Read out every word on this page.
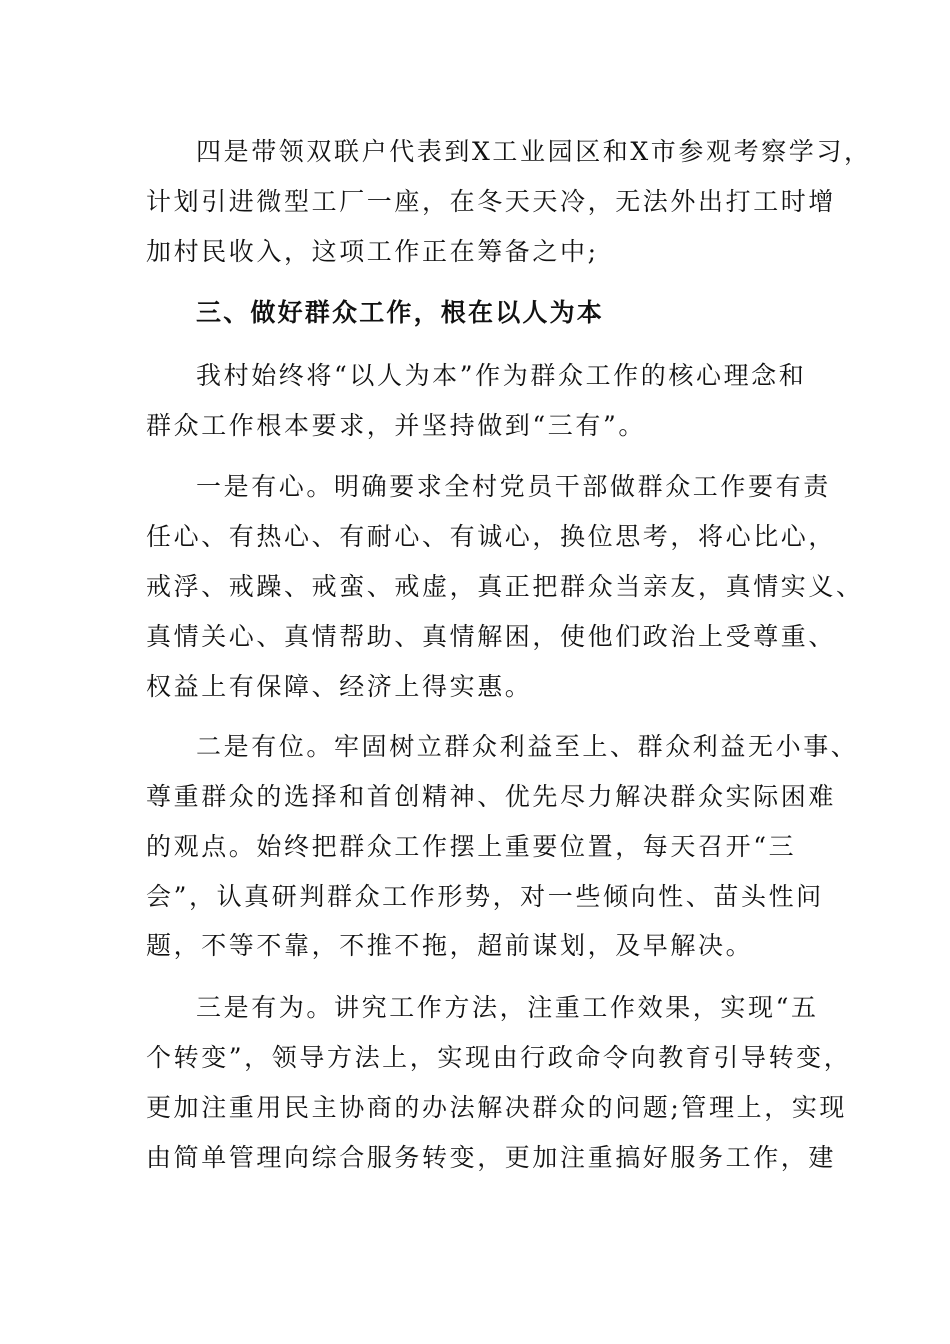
四是带领双联户代表到X工业园区和X市参观考察学习，
计划引进微型工厂一座，在冬天天冷，无法外出打工时增
加村民收入，这项工作正在筹备之中;
三、做好群众工作，根在以人为本
我村始终将“以人为本”作为群众工作的核心理念和
群众工作根本要求，并坚持做到“三有”。
一是有心。明确要求全村党员干部做群众工作要有责
任心、有热心、有耐心、有诚心，换位思考，将心比心，
戒浮、戒躁、戒蛮、戒虚，真正把群众当亲友，真情实义、
真情关心、真情帮助、真情解困，使他们政治上受尊重、
权益上有保障、经济上得实惠。
二是有位。牢固树立群众利益至上、群众利益无小事、
尊重群众的选择和首创精神、优先尽力解决群众实际困难
的观点。始终把群众工作摆上重要位置，每天召开“三
会”，认真研判群众工作形势，对一些倾向性、苗头性问
题，不等不靠，不推不拖，超前谋划，及早解决。
三是有为。讲究工作方法，注重工作效果，实现“五
个转变”，领导方法上，实现由行政命令向教育引导转变，
更加注重用民主协商的办法解决群众的问题;管理上，实现
由简单管理向综合服务转变，更加注重搞好服务工作，建
